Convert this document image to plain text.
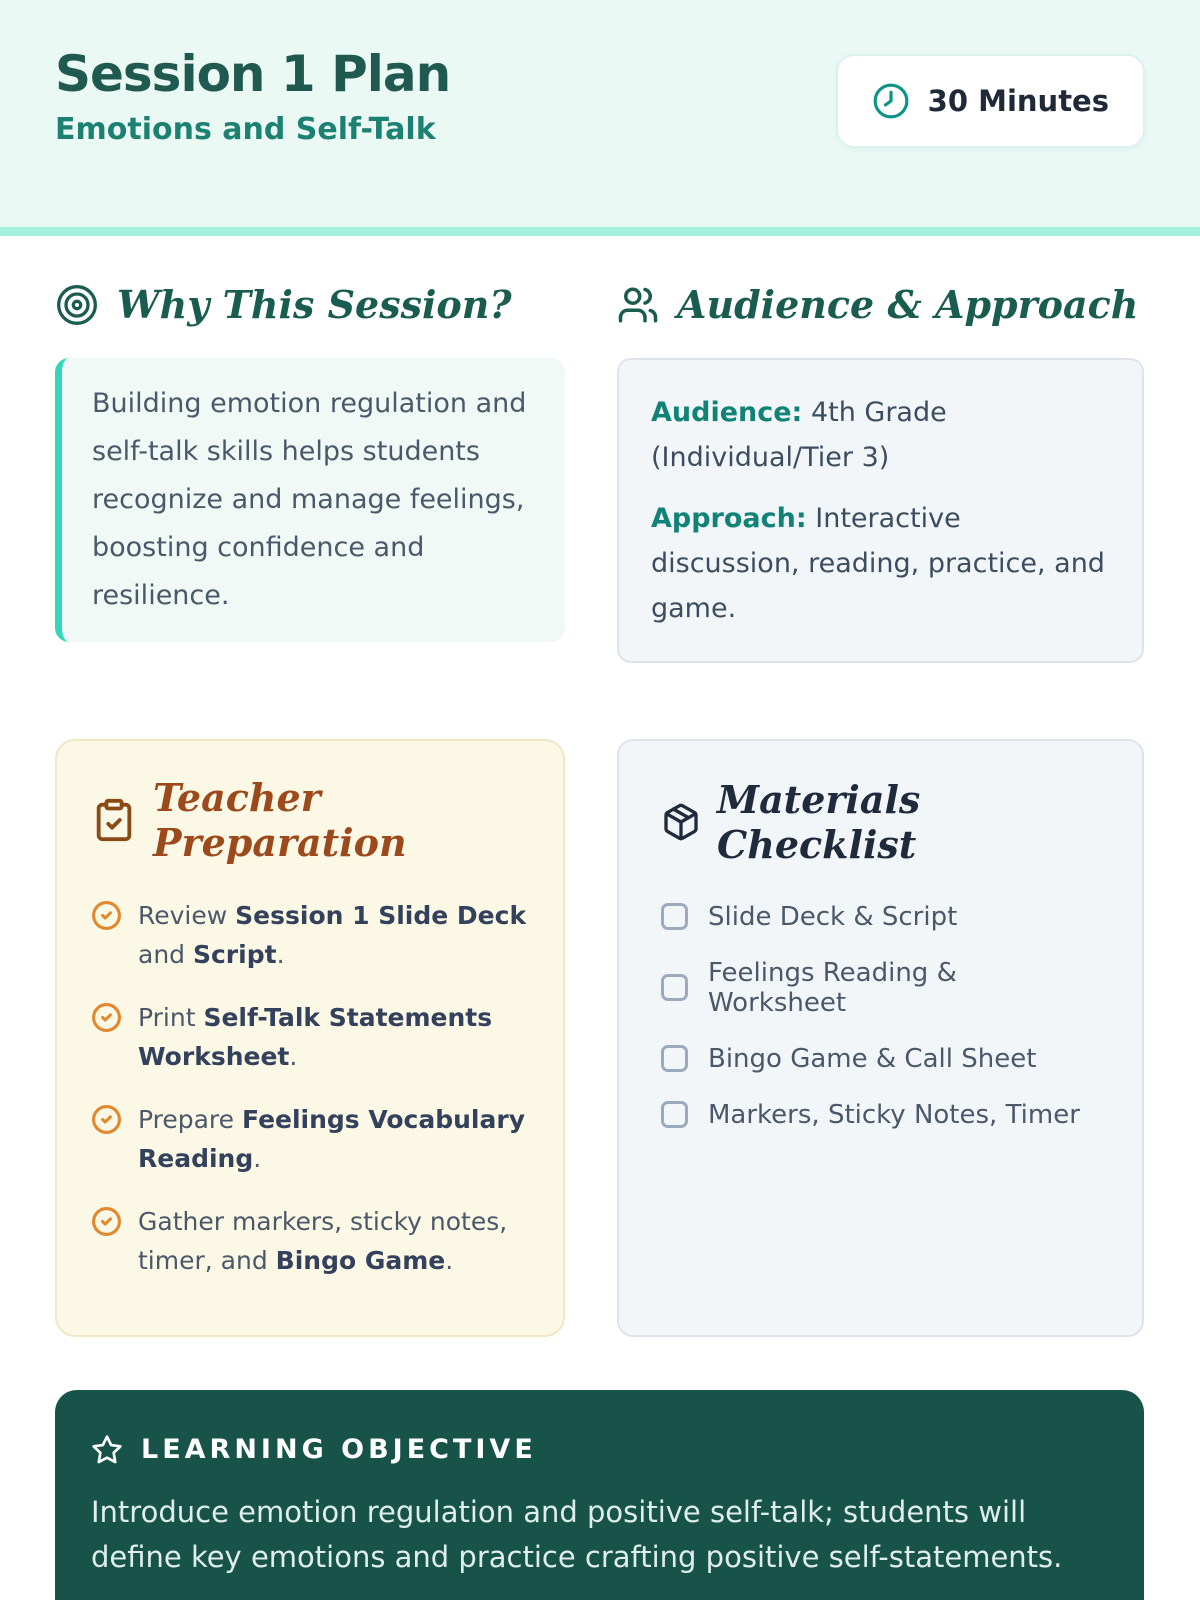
Session 1 Plan
Emotions and Self-Talk
30 Minutes
Why This Session?	Audience & Approach

Building emotion regulation and self-talk skills helps students recognize and manage feelings, boosting confidence and resilience.

Audience: 4th Grade (Individual/Tier 3)

Approach: Interactive discussion, reading, practice, and game.

Teacher Preparation
Review Session 1 Slide Deck and Script.
Print Self-Talk Statements Worksheet.
Prepare Feelings Vocabulary Reading.
Gather markers, sticky notes, timer, and Bingo Game.
Materials Checklist
Slide Deck & Script
Feelings Reading & Worksheet
Bingo Game & Call Sheet
Markers, Sticky Notes, Timer
LEARNING OBJECTIVE
Introduce emotion regulation and positive self-talk; students will define key emotions and practice crafting positive self-statements.
